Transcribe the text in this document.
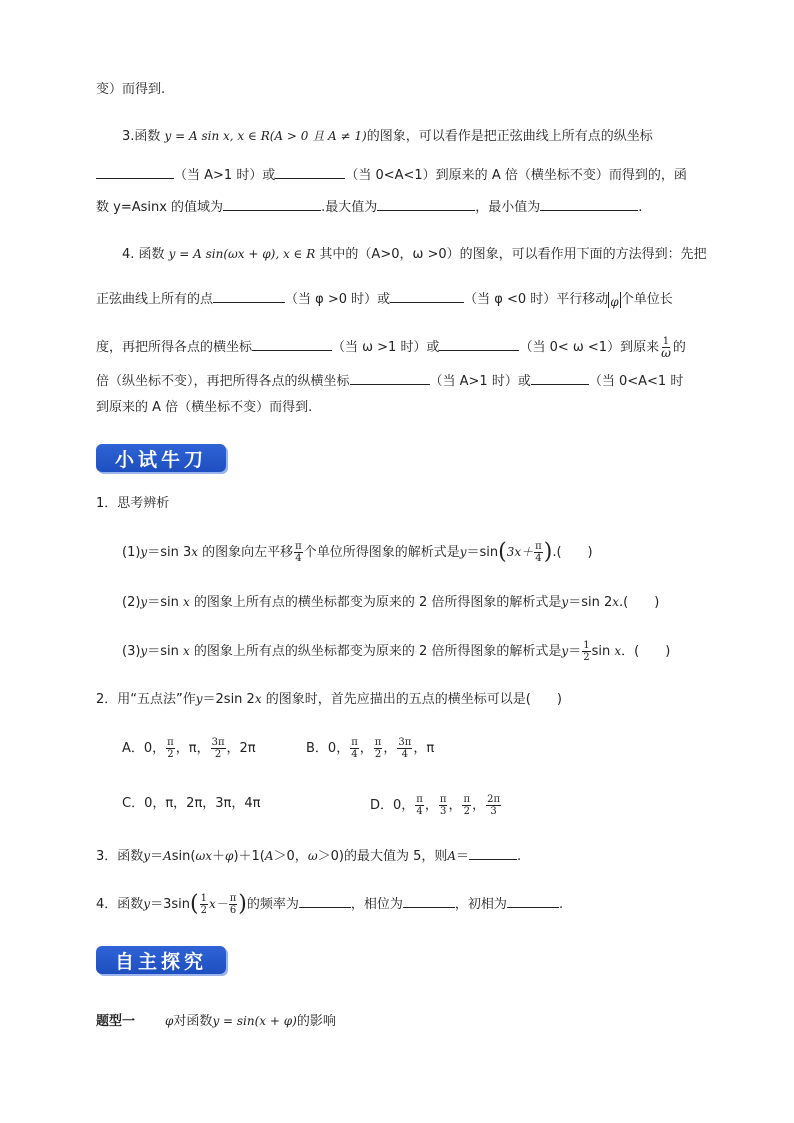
变）而得到.
3.函数 y = A sin x, x ∈ R(A > 0 且 A ≠ 1)的图象，可以看作是把正弦曲线上所有点的纵坐标
（当 A>1 时）或	（当 0<A<1）到原来的 A 倍（横坐标不变）而得到的，函
数 y=Asinx 的值域为	.最大值为	，最小值为	.
4. 函数 y = A sin(ωx + φ), x ∈ R 其中的（A>0，ω >0）的图象，可以看作用下面的方法得到：先把
正弦曲线上所有的点	（当 φ >0 时）或	（当 φ <0 时）平行移动 φ 个单位长
度，再把所得各点的横坐标	（当 ω >1 时）或	（当 0< ω <1）到原来 $\frac{1}{\omega}$ 的
倍（纵坐标不变），再把所得各点的纵横坐标	（当 A>1 时）或	（当 0<A<1 时
到原来的 A 倍（横坐标不变）而得到.
小试牛刀
1．思考辨析
(1)y＝sin 3x 的图象向左平移 $\frac{\pi}{4}$ 个单位所得图象的解析式是$y=\sin(3x+ \frac{\pi}{4}$ ).(　　)
(2)y＝sin x 的图象上所有点的横坐标都变为原来的 2 倍所得图象的解析式是y＝sin 2x.(　　)
(3)y＝sin x 的图象上所有点的纵坐标都变为原来的 2 倍所得图象的解析式是$y= \frac{1}{2}$ sin x．(　　)
2．用“五点法”作y＝2sin 2x 的图象时，首先应描出的五点的横坐标可以是(　　)
A．0， $\frac{\pi}{2}$ ，π， $\frac{3\pi}{2}$ ，2π	B．0， $\frac{\pi}{4}$ ， $\frac{\pi}{2}$ ， $\frac{3\pi}{4}$ ，π
C．0，π，2π，3π，4π	D．0， $\frac{\pi}{4}$ ， $\frac{\pi}{3}$ ， $\frac{\pi}{2}$ ， $\frac{2\pi}{3}$
3．函数y＝Asin(ωx＋φ)＋1(A＞0，ω＞0)的最大值为 5，则A＝	.
4．函数$y=3\sin( \frac{1}{2} x- \frac{\pi}{6}$ )的频率为	，相位为	，初相为	.
自主探究
题型一	φ对函数y = sin(x + φ)的影响
